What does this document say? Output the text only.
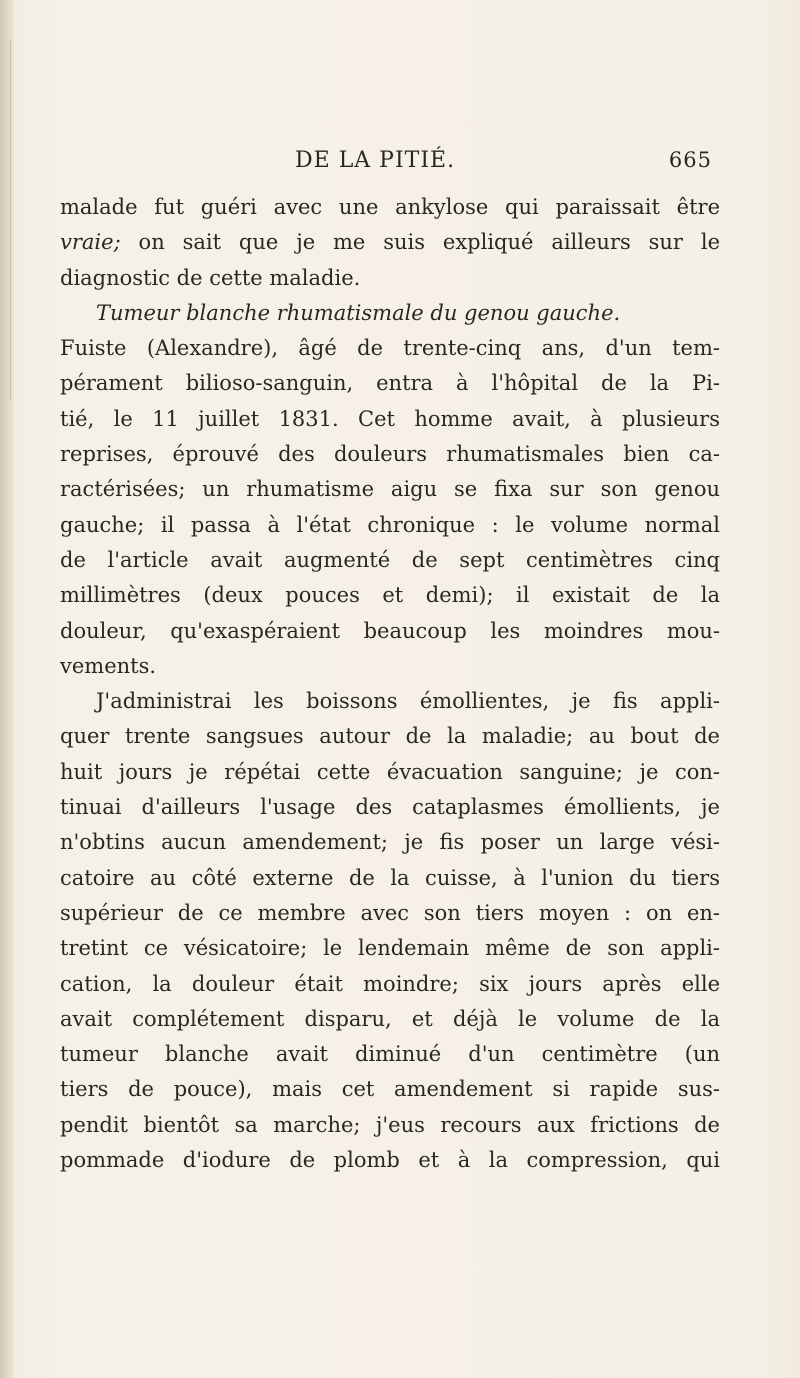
DE LA PITIÉ.	665
malade fut guéri avec une ankylose qui paraissait être
vraie; on sait que je me suis expliqué ailleurs sur le
diagnostic de cette maladie.
Tumeur blanche rhumatismale du genou gauche.
Fuiste (Alexandre), âgé de trente-cinq ans, d'un tem-
pérament bilioso-sanguin, entra à l'hôpital de la Pi-
tié, le 11 juillet 1831. Cet homme avait, à plusieurs
reprises, éprouvé des douleurs rhumatismales bien ca-
ractérisées; un rhumatisme aigu se fixa sur son genou
gauche; il passa à l'état chronique : le volume normal
de l'article avait augmenté de sept centimètres cinq
millimètres (deux pouces et demi); il existait de la
douleur, qu'exaspéraient beaucoup les moindres mou-
vements.
J'administrai les boissons émollientes, je fis appli-
quer trente sangsues autour de la maladie; au bout de
huit jours je répétai cette évacuation sanguine; je con-
tinuai d'ailleurs l'usage des cataplasmes émollients, je
n'obtins aucun amendement; je fis poser un large vési-
catoire au côté externe de la cuisse, à l'union du tiers
supérieur de ce membre avec son tiers moyen : on en-
tretint ce vésicatoire; le lendemain même de son appli-
cation, la douleur était moindre; six jours après elle
avait complétement disparu, et déjà le volume de la
tumeur blanche avait diminué d'un centimètre (un
tiers de pouce), mais cet amendement si rapide sus-
pendit bientôt sa marche; j'eus recours aux frictions de
pommade d'iodure de plomb et à la compression, qui
